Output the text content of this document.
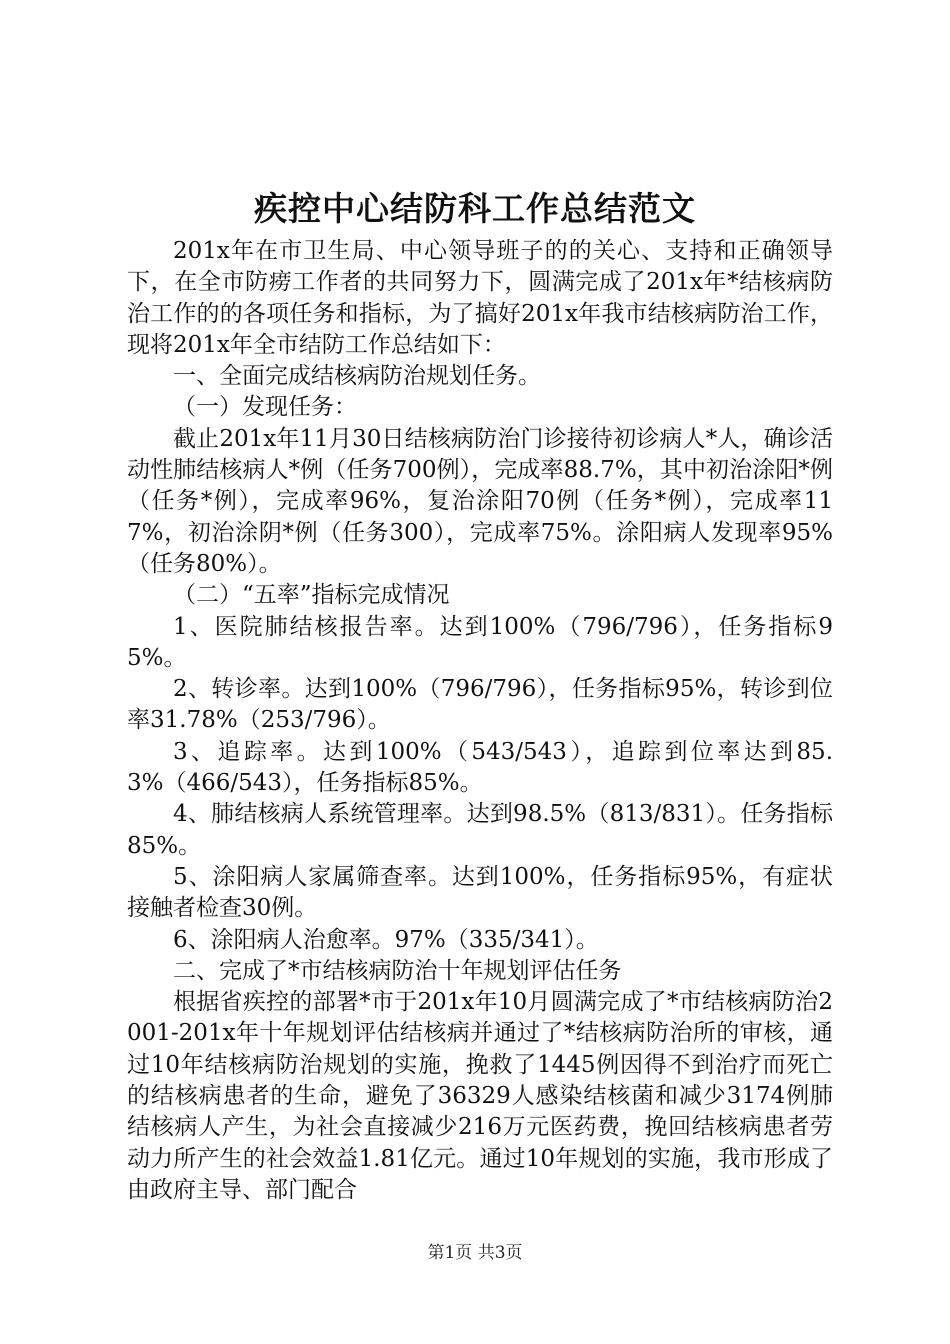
疾控中心结防科工作总结范文

201x年在市卫生局、中心领导班子的的关心、支持和正确领导下，在全市防痨工作者的共同努力下，圆满完成了201x年*结核病防治工作的的各项任务和指标，为了搞好201x年我市结核病防治工作，现将201x年全市结防工作总结如下：

一、全面完成结核病防治规划任务。

（一）发现任务：

截止201x年11月30日结核病防治门诊接待初诊病人*人，确诊活动性肺结核病人*例（任务700例），完成率88.7%，其中初治涂阳*例（任务*例），完成率96%，复治涂阳70例（任务*例），完成率117%，初治涂阴*例（任务300），完成率75%。涂阳病人发现率95%（任务80%）。

（二）“五率”指标完成情况

1、医院肺结核报告率。达到100%（796/796），任务指标95%。

2、转诊率。达到100%（796/796），任务指标95%，转诊到位率31.78%（253/796）。

3、追踪率。达到100%（543/543），追踪到位率达到85.3%（466/543），任务指标85%。

4、肺结核病人系统管理率。达到98.5%（813/831）。任务指标85%。

5、涂阳病人家属筛查率。达到100%，任务指标95%，有症状接触者检查30例。

6、涂阳病人治愈率。97%（335/341）。

二、完成了*市结核病防治十年规划评估任务

根据省疾控的部署*市于201x年10月圆满完成了*市结核病防治2001-201x年十年规划评估结核病并通过了*结核病防治所的审核，通过10年结核病防治规划的实施，挽救了1445例因得不到治疗而死亡的结核病患者的生命，避免了36329人感染结核菌和减少3174例肺结核病人产生，为社会直接减少216万元医药费，挽回结核病患者劳动力所产生的社会效益1.81亿元。通过10年规划的实施，我市形成了由政府主导、部门配合

第1页 共3页
